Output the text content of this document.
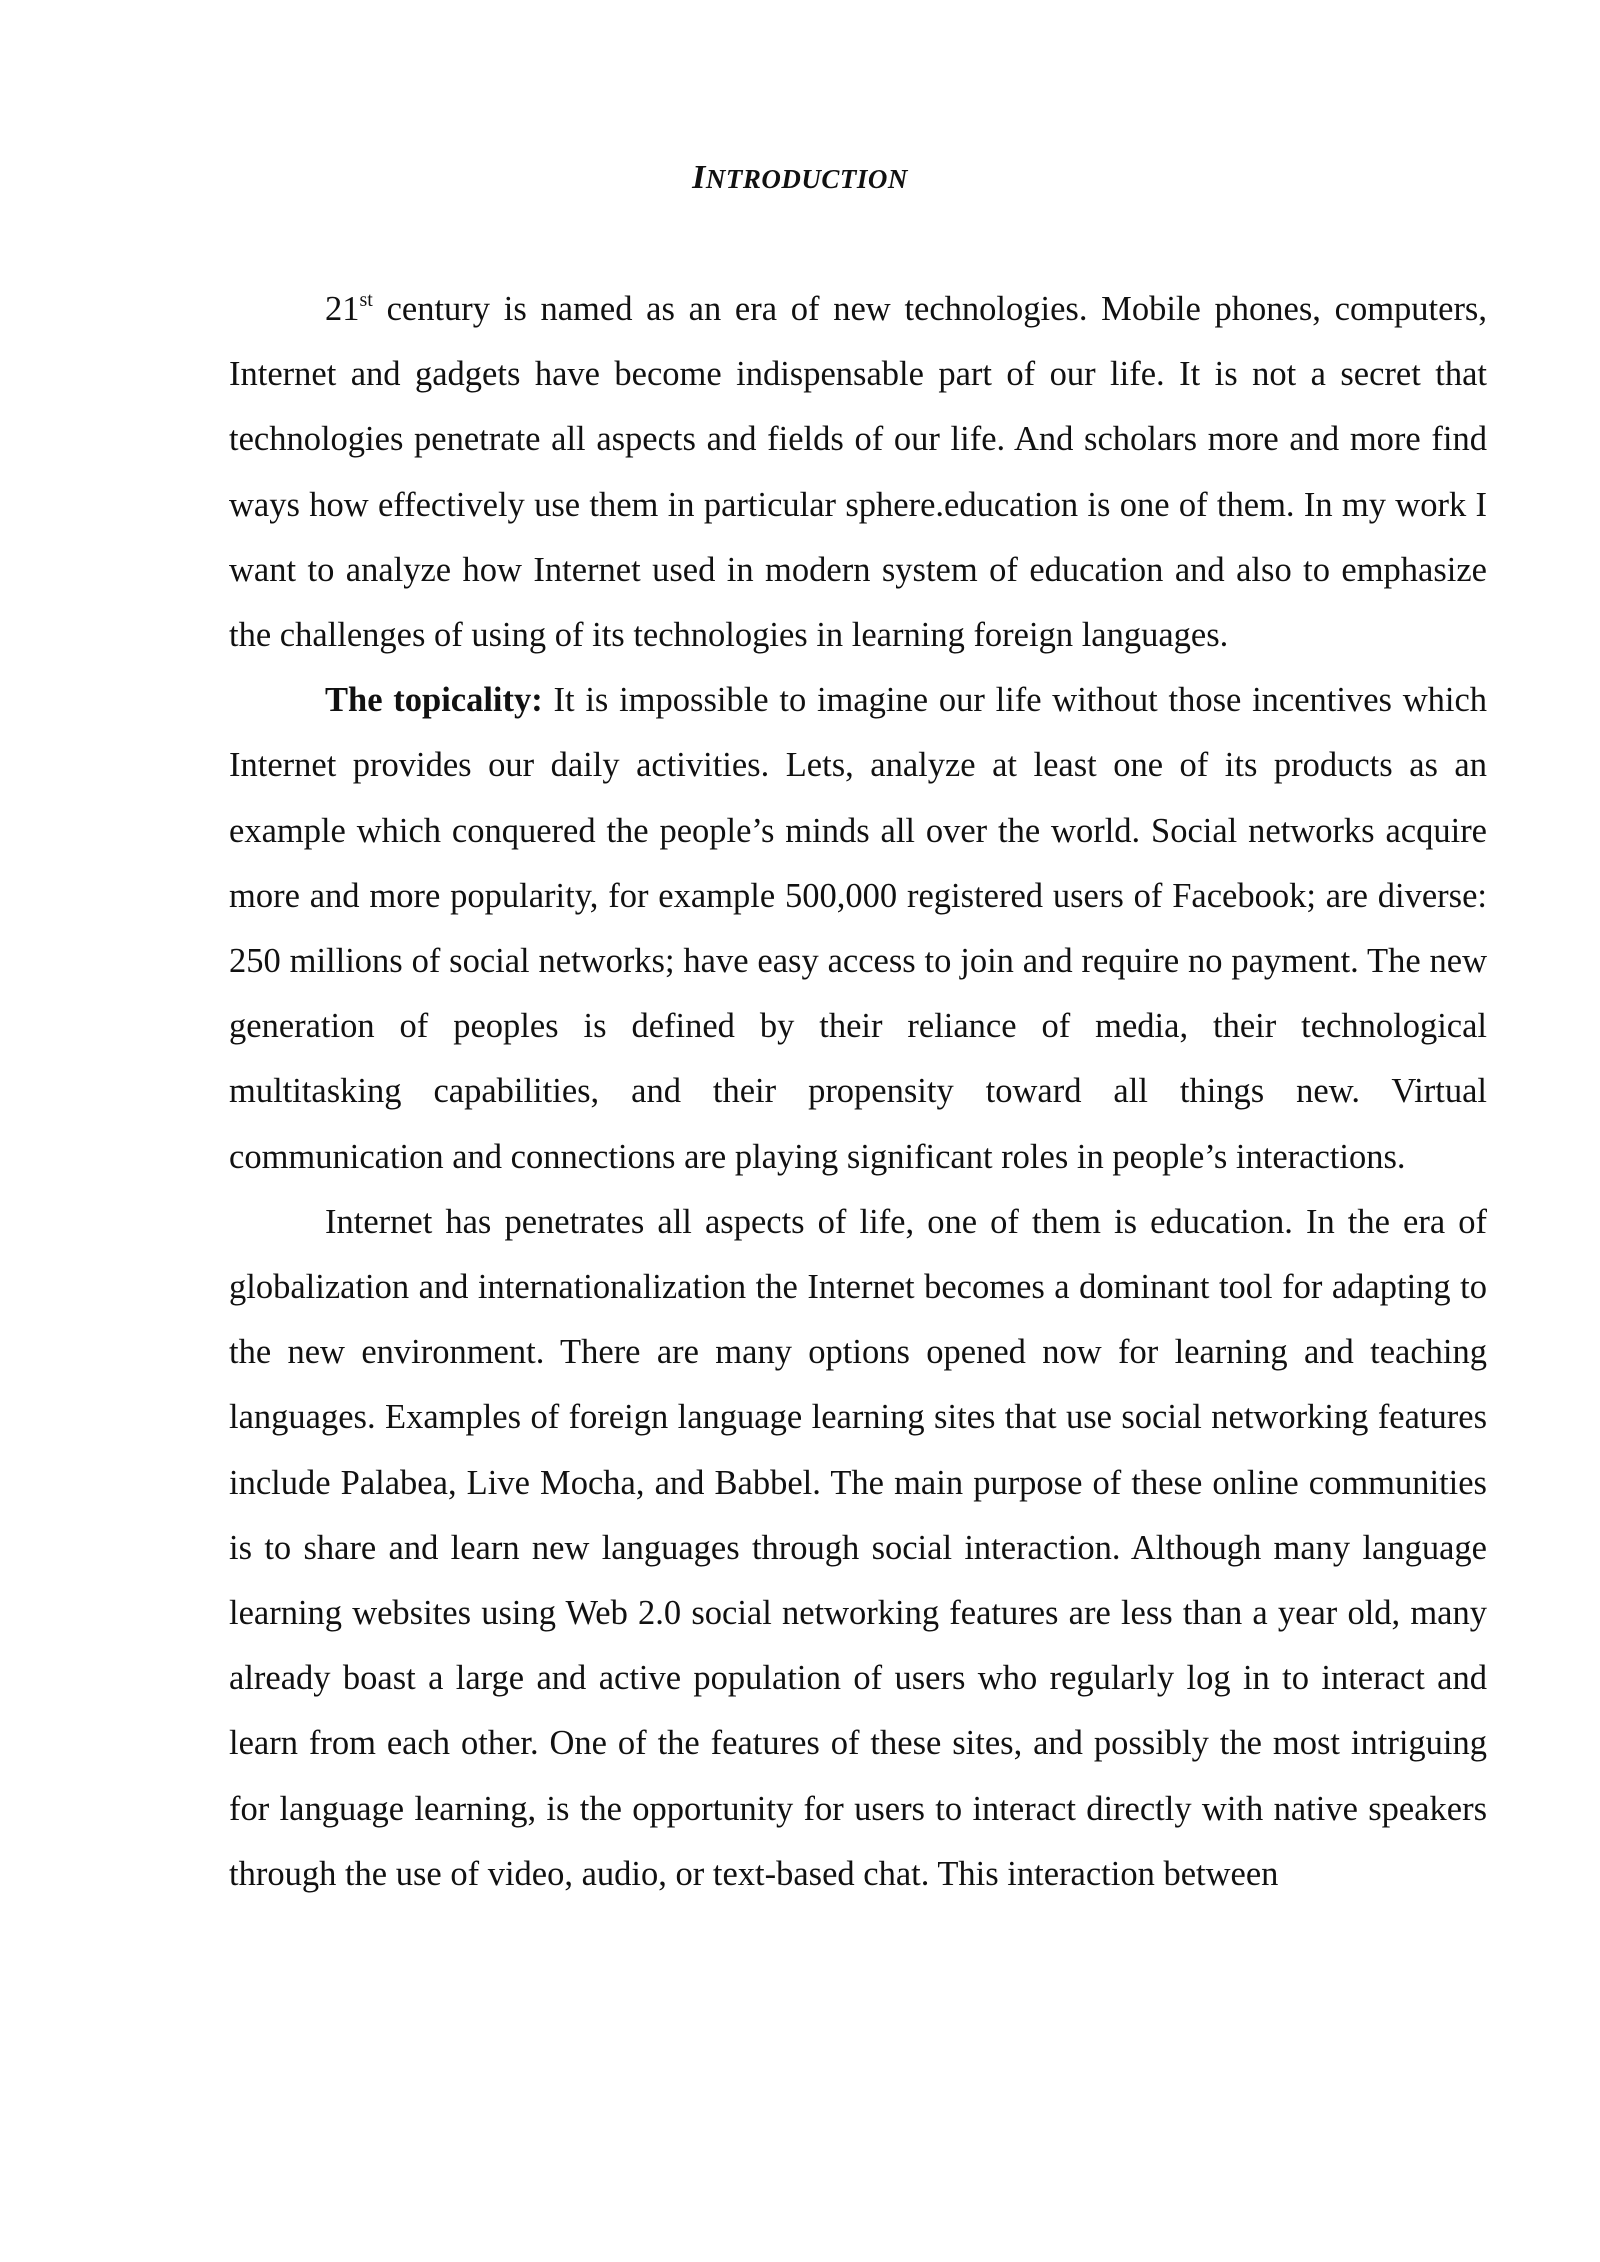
INTRODUCTION

21st century is named as an era of new technologies. Mobile phones, computers, Internet and gadgets have become indispensable part of our life. It is not a secret that technologies penetrate all aspects and fields of our life. And scholars more and more find ways how effectively use them in particular sphere.education is one of them. In my work I want to analyze how Internet used in modern system of education and also to emphasize the challenges of using of its technologies in learning foreign languages.

The topicality: It is impossible to imagine our life without those incentives which Internet provides our daily activities. Lets, analyze at least one of its products as an example which conquered the people’s minds all over the world. Social networks acquire more and more popularity, for example 500,000 registered users of Facebook; are diverse: 250 millions of social networks; have easy access to join and require no payment. The new generation of peoples is defined by their reliance of media, their technological multitasking capabilities, and their propensity toward all things new. Virtual communication and connections are playing significant roles in people’s interactions.

Internet has penetrates all aspects of life, one of them is education. In the era of globalization and internationalization the Internet becomes a dominant tool for adapting to the new environment. There are many options opened now for learning and teaching languages. Examples of foreign language learning sites that use social networking features include Palabea, Live Mocha, and Babbel. The main purpose of these online communities is to share and learn new languages through social interaction. Although many language learning websites using Web 2.0 social networking features are less than a year old, many already boast a large and active population of users who regularly log in to interact and learn from each other. One of the features of these sites, and possibly the most intriguing for language learning, is the opportunity for users to interact directly with native speakers through the use of video, audio, or text-based chat. This interaction between
